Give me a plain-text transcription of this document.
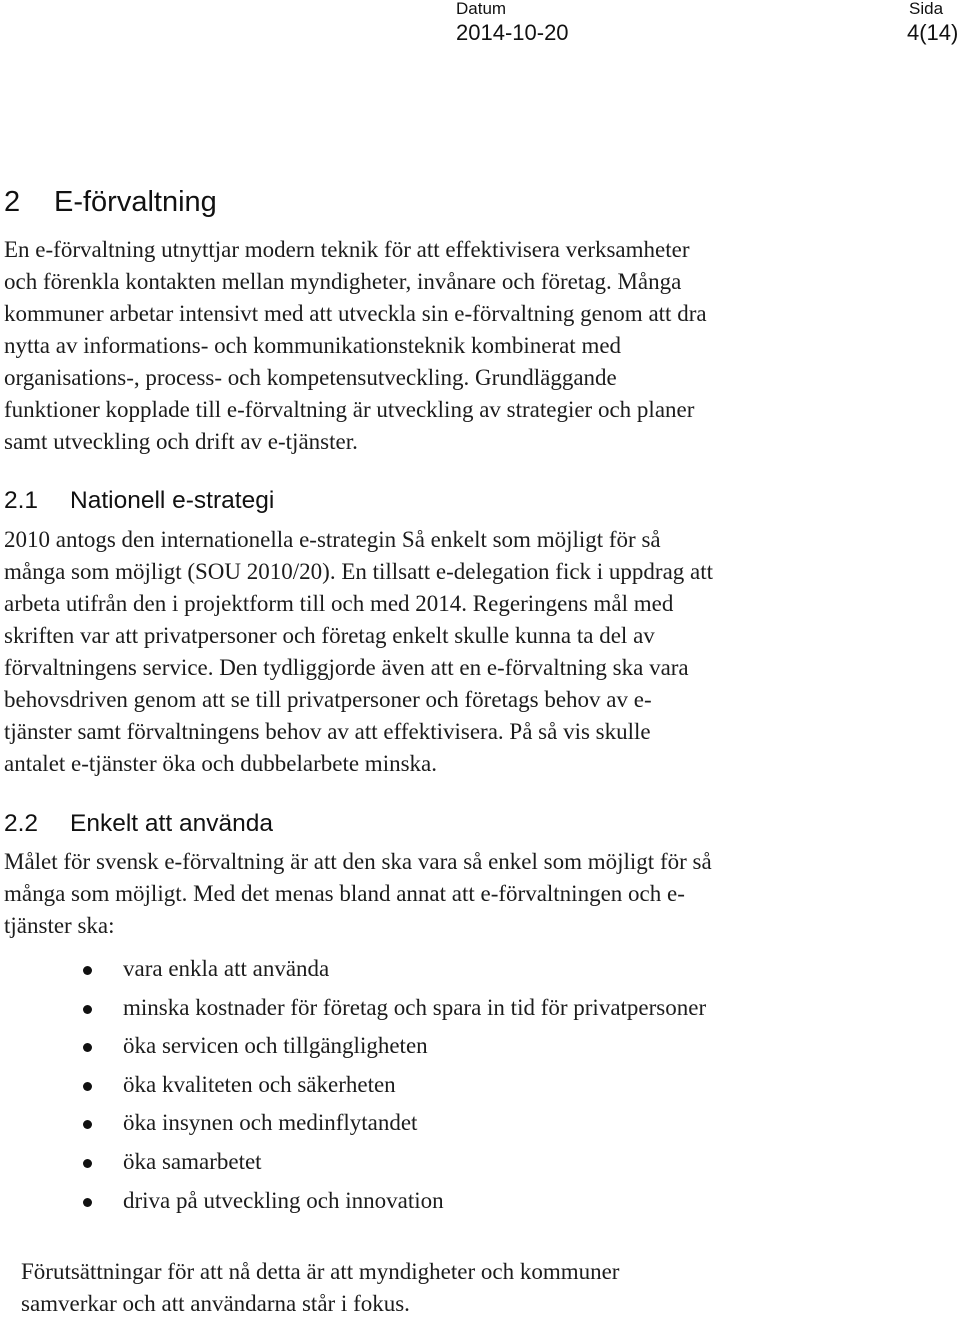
Datum
2014-10-20
Sida
4(14)
2 E-förvaltning

En e-förvaltning utnyttjar modern teknik för att effektivisera verksamheter
och förenkla kontakten mellan myndigheter, invånare och företag. Många
kommuner arbetar intensivt med att utveckla sin e-förvaltning genom att dra
nytta av informations- och kommunikationsteknik kombinerat med
organisations-, process- och kompetensutveckling. Grundläggande
funktioner kopplade till e-förvaltning är utveckling av strategier och planer
samt utveckling och drift av e-tjänster.

2.1 Nationell e-strategi

2010 antogs den internationella e-strategin Så enkelt som möjligt för så
många som möjligt (SOU 2010/20). En tillsatt e-delegation fick i uppdrag att
arbeta utifrån den i projektform till och med 2014. Regeringens mål med
skriften var att privatpersoner och företag enkelt skulle kunna ta del av
förvaltningens service. Den tydliggjorde även att en e-förvaltning ska vara
behovsdriven genom att se till privatpersoner och företags behov av e-
tjänster samt förvaltningens behov av att effektivisera. På så vis skulle
antalet e-tjänster öka och dubbelarbete minska.

2.2 Enkelt att använda

Målet för svensk e-förvaltning är att den ska vara så enkel som möjligt för så
många som möjligt. Med det menas bland annat att e-förvaltningen och e-
tjänster ska:

vara enkla att använda
minska kostnader för företag och spara in tid för privatpersoner
öka servicen och tillgängligheten
öka kvaliteten och säkerheten
öka insynen och medinflytandet
öka samarbetet
driva på utveckling och innovation

Förutsättningar för att nå detta är att myndigheter och kommuner
samverkar och att användarna står i fokus.
